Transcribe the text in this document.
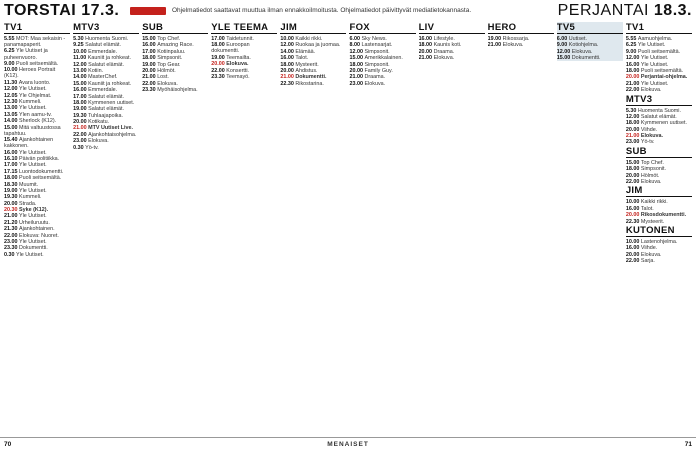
TORSTAI 17.3.	Ohjelmatiedot saattavat muuttua ilman ennakkoilmoitusta. Ohjelmatiedot päivittyvät mediatietokannasta.	PERJANTAI 18.3.
TV1
5.55 MOT: Maa sekaisin - panamapaperit.
6.25 Yle Uutiset ja puheenvuoro.
9.00 Puoli seitsemältä.
10.00 Heroes Portrait (K12).
11.30 Avara luonto.
12.00 Yle Uutiset.
12.05 Yle Ohjelmat.
12.30 Kummeli.
13.00 Yle Uutiset.
13.05 Ylen aamu-tv.
14.00 Sherlock (K12).
15.00 Mitä valtuustossa tapahtuu.
15.40 Ajankohtainen kakkonen.
16.00 Yle Uutiset.
16.10 Päivän politiikka.
17.00 Yle Uutiset.
17.15 Luontodokumentti.
18.00 Puoli seitsemältä.
18.30 Muumit.
19.00 Yle Uutiset.
19.30 Kummeli.
20.00 Strada.
20.30 Syke (K12).
21.00 Yle Uutiset.
21.20 Urheiluruutu.
21.30 Ajankohtainen.
22.00 Elokuva: Nuoret.
23.00 Yle Uutiset.
23.30 Dokumentti.
0.30 Yle Uutiset.
MTV3
5.30 Huomenta Suomi.
9.25 Salatut elämät.
10.00 Emmerdale.
11.00 Kauniit ja rohkeat.
12.00 Salatut elämät.
13.00 Kotiin.
14.00 MasterChef.
15.00 Kauniit ja rohkeat.
16.00 Emmerdale.
17.00 Salatut elämät.
18.00 Kymmenen uutiset.
19.00 Salatut elämät.
19.30 Tuhlaajapoika.
20.00 Kotikatu.
21.00 MTV Uutiset Live.
22.00 Ajankohtaisohjelma.
23.00 Elokuva.
0.30 Yö-tv.
SUB
15.00 Top Chef.
16.00 Amazing Race.
17.00 Kotiinpaluu.
18.00 Simpsonit.
19.00 Top Gear.
20.00 Hölmöt.
21.00 Lost.
22.00 Elokuva.
23.30 Myöhäisohjelma.
YLE TEEMA
17.00 Taidetunnit.
18.00 Euroopan dokumentti.
19.00 Teemailta.
20.00 Elokuva.
22.00 Konsertti.
23.30 Teemayö.
JIM
10.00 Kaikki rikki.
12.00 Ruokaa ja juomaa.
14.00 Elämää.
16.00 Talot.
18.00 Mysteerit.
20.00 Ahdistus.
21.00 Dokumentti.
22.30 Rikostarina.
FOX
6.00 Sky News.
8.00 Lastensarjat.
12.00 Simpsonit.
15.00 Amerikkalainen.
18.00 Simpsonit.
20.00 Family Guy.
21.00 Draama.
23.00 Elokuva.
LIV
16.00 Lifestyle.
18.00 Kaunis koti.
20.00 Draama.
21.00 Elokuva.
HERO
19.00 Rikossarja.
21.00 Elokuva.
TV5
6.00 Uutiset.
9.00 Kotiohjelma.
12.00 Elokuva.
15.00 Dokumentti.
TV1
5.55 Aamuohjelma.
6.25 Yle Uutiset.
9.00 Puoli seitsemältä.
12.00 Yle Uutiset.
16.00 Yle Uutiset.
18.00 Puoli seitsemältä.
20.00 Perjantai-ohjelma.
21.00 Yle Uutiset.
22.00 Elokuva.
MTV3
5.30 Huomenta Suomi.
12.00 Salatut elämät.
18.00 Kymmenen uutiset.
20.00 Viihde.
21.00 Elokuva.
23.00 Yö-tv.
SUB
15.00 Top Chef.
18.00 Simpsonit.
20.00 Hölmöt.
22.00 Elokuva.
JIM
10.00 Kaikki rikki.
16.00 Talot.
20.00 Rikosdokumentti.
22.30 Mysteerit.
KUTONEN
10.00 Lastenohjelma.
16.00 Viihde.
20.00 Elokuva.
22.00 Sarja.
70	MENAISET	71
